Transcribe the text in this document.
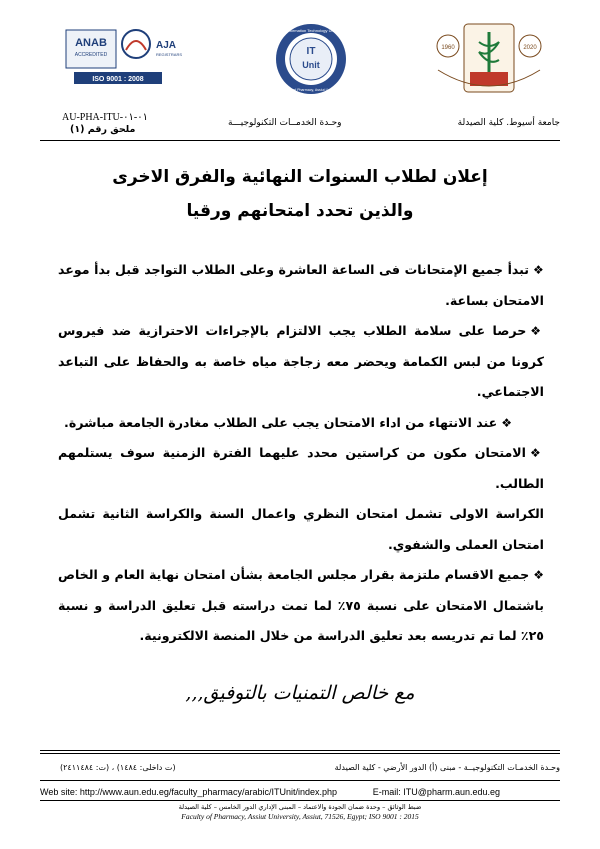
ANAB
ACCREDITED
AJA
REGISTRARS
ISO 9001 : 2008
IT
Unit
Information Technology Unit
Faculty of Pharmacy, Assiut University
1960	2020
AU-PHA-ITU-٠١-٠١
ملحق رقم (١)
وحـدة الخدمــات التكنولوجيـــة	جامعة أسيوط. كلية الصيدلة
إعلان لطلاب السنوات النهائية والفرق الاخرى
والذين تحدد امتحانهم ورقيا
❖تبدأ جميع الإمتحانات فى الساعة العاشرة وعلى الطلاب التواجد قبل بدأ موعد الامتحان بساعة.
❖حرصا على سلامة الطلاب يجب الالتزام بالإجراءات الاحترازية ضد فيروس كرونا من لبس الكمامة ويحضر معه زجاجة مياه خاصة به والحفاظ على التباعد الاجتماعي.
❖عند الانتهاء من اداء الامتحان يجب على الطلاب مغادرة الجامعة مباشرة.
❖الامتحان مكون من كراستين محدد عليهما الفترة الزمنية سوف يستلمهم الطالب.
الكراسة الاولى تشمل امتحان النظري واعمال السنة والكراسة الثانية تشمل امتحان العملى والشفوي.
❖جميع الاقسام ملتزمة بقرار مجلس الجامعة بشأن امتحان نهاية العام و الخاص باشتمال الامتحان على نسبة ٧٥٪ لما تمت دراسته قبل تعليق الدراسة و نسبة ٢٥٪ لما تم تدريسه بعد تعليق الدراسة من خلال المنصة الالكترونية.
مع خالص التمنيات بالتوفيق,,,
وحـدة الخدمـات التكنولوجيــة - مبنى (أ) الدور الأرضي - كلية الصيدلة
(ت داخلى: ١٤٨٤) ، (ت: ٢٤١١٤٨٤)
Web site: http://www.aun.edu.eg/faculty_pharmacy/arabic/ITUnit/index.php	E-mail: ITU@pharm.aun.edu.eg
ضبط الوثائق – وحدة ضمان الجودة والاعتماد – المبنى الإداري الدور الخامس – كلية الصيدلة
Faculty of Pharmacy, Assiut University, Assiut, 71526, Egypt; ISO 9001 : 2015
